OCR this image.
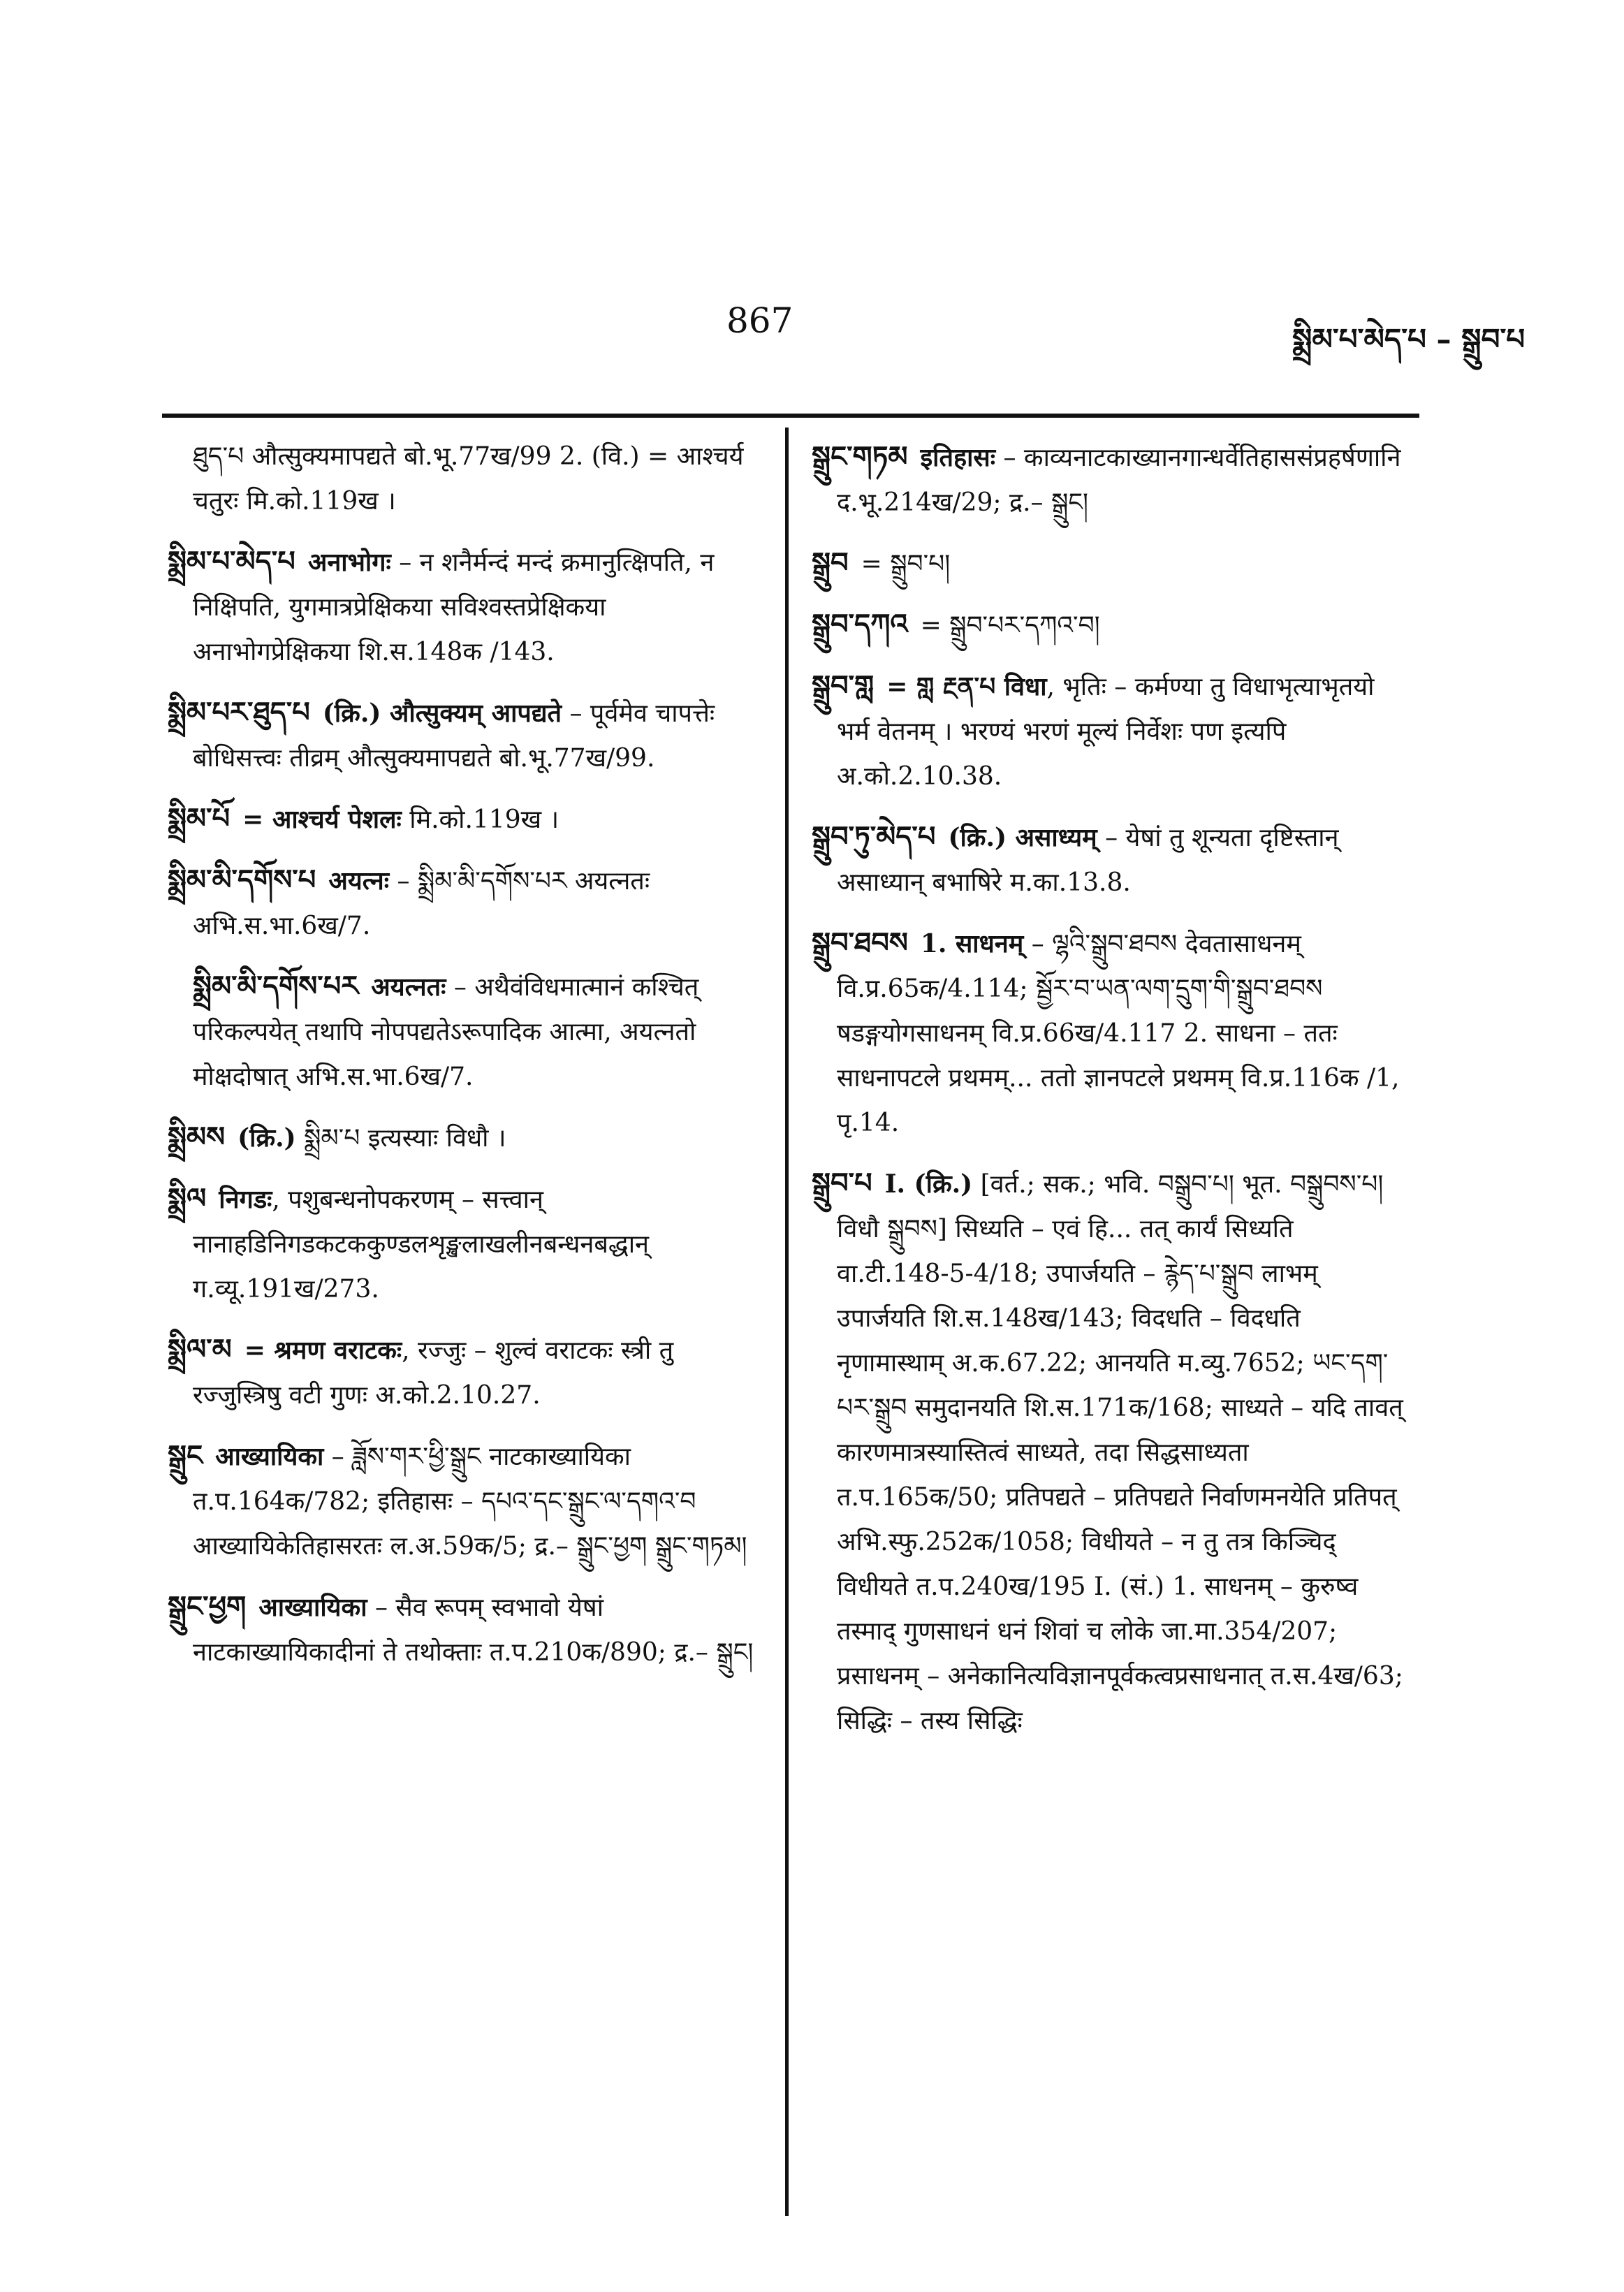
867	སྨྲིམ་པ་མེད་པ – སྒྲུབ་པ

ཐུད་པ औत्सुक्यमापद्यते बो.भू.77ख/99 2. (वि.) = आश्चर्य चतुरः मि.को.119ख ।

སྨྲིམ་པ་མེད་པ अनाभोगः – न शनैर्मन्दं मन्दं क्रमानुत्क्षिपति, न निक्षिपति, युगमात्रप्रेक्षिकया सविश्वस्तप्रेक्षिकया अनाभोगप्रेक्षिकया शि.स.148क /143.

སྨྲིམ་པར་ཐུད་པ (क्रि.) औत्सुक्यम् आपद्यते – पूर्वमेव चापत्तेः बोधिसत्त्वः तीव्रम् औत्सुक्यमापद्यते बो.भू.77ख/99.

སྨྲིམ་པོ = आश्चर्य पेशलः मि.को.119ख ।

སྨྲིམ་མི་དགོས་པ अयत्नः – སྨྲིམ་མི་དགོས་པར अयत्नतः अभि.स.भा.6ख/7.

སྨྲིམ་མི་དགོས་པར अयत्नतः – अथैवंविधमात्मानं कश्चित् परिकल्पयेत् तथापि नोपपद्यतेऽरूपादिक आत्मा, अयत्नतो मोक्षदोषात् अभि.स.भा.6ख/7.

སྨྲིམས (क्रि.) སྨྲིམ་པ इत्यस्याः विधौ ।

སྨྲིལ निगडः, पशुबन्धनोपकरणम् – सत्त्वान् नानाहडिनिगडकटककुण्डलशृङ्खलाखलीनबन्धनबद्धान् ग.व्यू.191ख/273.

སྨྲིལ་མ = श्रमण वराटकः, रज्जुः – शुल्वं वराटकः स्त्री तु रज्जुस्त्रिषु वटी गुणः अ.को.2.10.27.

སྒྲུང आख्यायिका – ཟློས་གར་ཕྱི་སྒྲུང नाटकाख्यायिका त.प.164क/782; इतिहासः – དཔའ་དང་སྒྲུང་ལ་དགའ་བ आख्यायिकेतिहासरतः ल.अ.59क/5; द्र.– སྒྲུང་ཕྱག སྒྲུང་གཏམ།

སྒྲུང་ཕྱག आख्यायिका – सैव रूपम् स्वभावो येषां नाटकाख्यायिकादीनां ते तथोक्ताः त.प.210क/890; द्र.– སྒྲུང།

སྒྲུང་གཏམ इतिहासः – काव्यनाटकाख्यानगान्धर्वेतिहाससंप्रहर्षणानि द.भू.214ख/29; द्र.– སྒྲུང།

སྒྲུབ = སྒྲུབ་པ།

སྒྲུབ་དཀའ = སྒྲུབ་པར་དཀའ་བ།

སྒྲུབ་གླ = གླ རྔན་པ विधा, भृतिः – कर्मण्या तु विधाभृत्याभृतयो भर्म वेतनम् । भरण्यं भरणं मूल्यं निर्वेशः पण इत्यपि अ.को.2.10.38.

སྒྲུབ་ཏུ་མེད་པ (क्रि.) असाध्यम् – येषां तु शून्यता दृष्टिस्तान् असाध्यान् बभाषिरे म.का.13.8.

སྒྲུབ་ཐབས 1. साधनम् – ལྷའི་སྒྲུབ་ཐབས देवतासाधनम् वि.प्र.65क/4.114; སྦྱོར་བ་ཡན་ལག་དྲུག་གི་སྒྲུབ་ཐབས षडङ्गयोगसाधनम् वि.प्र.66ख/4.117 2. साधना – ततः साधनापटले प्रथमम्... ततो ज्ञानपटले प्रथमम् वि.प्र.116क /1, पृ.14.

སྒྲུབ་པ I. (क्रि.) [वर्त.; सक.; भवि. བསྒྲུབ་པ། भूत. བསྒྲུབས་པ། विधौ སྒྲུབས] सिध्यति – एवं हि... तत् कार्यं सिध्यति वा.टी.148-5-4/18; उपार्जयति – རྙེད་པ་སྒྲུབ लाभम् उपार्जयति शि.स.148ख/143; विदधति – विदधति नृणामास्थाम् अ.क.67.22; आनयति म.व्यु.7652; ཡང་དག་པར་སྒྲུབ समुदानयति शि.स.171क/168; साध्यते – यदि तावत् कारणमात्रस्यास्तित्वं साध्यते, तदा सिद्धसाध्यता त.प.165क/50; प्रतिपद्यते – प्रतिपद्यते निर्वाणमनयेति प्रतिपत् अभि.स्फु.252क/1058; विधीयते – न तु तत्र किञ्चिद् विधीयते त.प.240ख/195 I. (सं.) 1. साधनम् – कुरुष्व तस्माद् गुणसाधनं धनं शिवां च लोके जा.मा.354/207; प्रसाधनम् – अनेकानित्यविज्ञानपूर्वकत्वप्रसाधनात् त.स.4ख/63; सिद्धिः – तस्य सिद्धिः
